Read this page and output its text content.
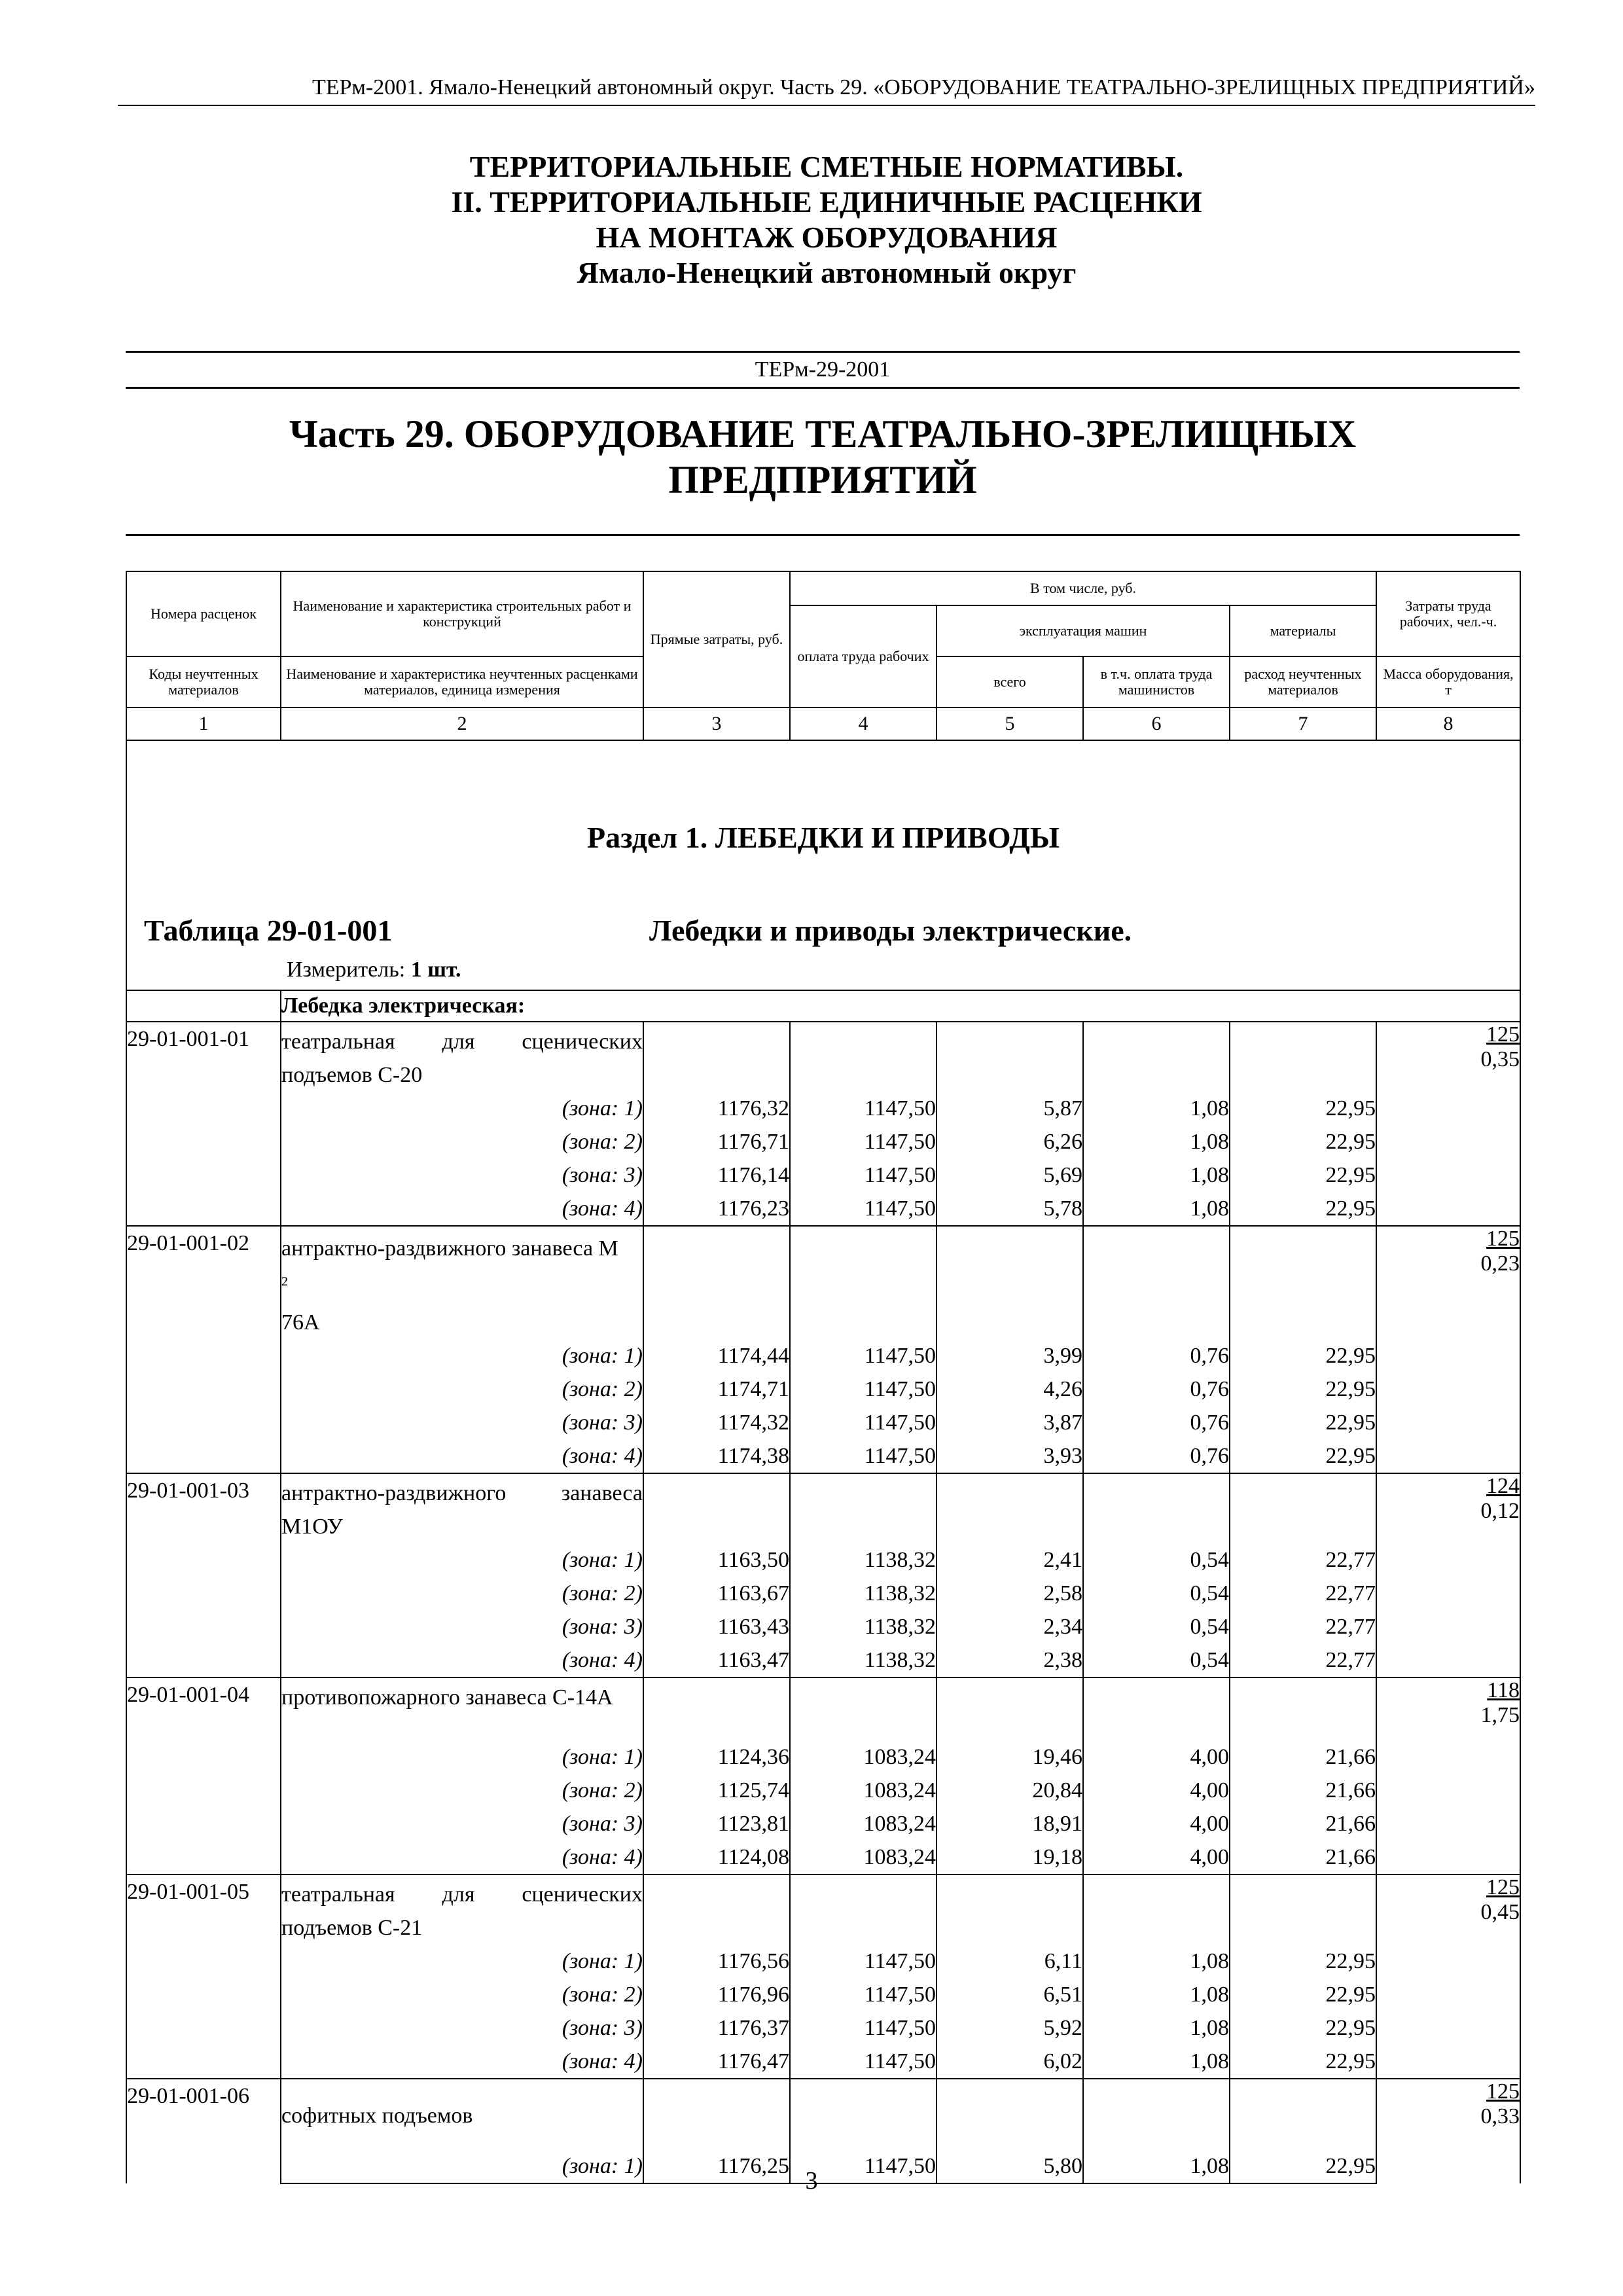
ТЕРм-2001. Ямало-Ненецкий автономный округ. Часть 29. «ОБОРУДОВАНИЕ ТЕАТРАЛЬНО-ЗРЕЛИЩНЫХ ПРЕДПРИЯТИЙ»
ТЕРРИТОРИАЛЬНЫЕ СМЕТНЫЕ НОРМАТИВЫ.
II. ТЕРРИТОРИАЛЬНЫЕ ЕДИНИЧНЫЕ РАСЦЕНКИ
НА МОНТАЖ ОБОРУДОВАНИЯ
Ямало-Ненецкий автономный округ
ТЕРм-29-2001
Часть 29. ОБОРУДОВАНИЕ ТЕАТРАЛЬНО-ЗРЕЛИЩНЫХ
ПРЕДПРИЯТИЙ
Номера расценок	Наименование и характеристика строительных работ и конструкций	Прямые затраты, руб.	В том числе, руб.				Затраты труда рабочих, чел.-ч.
			оплата труда рабочих	эксплуатация машин		материалы	
Коды неучтенных материалов	Наименование и характеристика неучтенных расценками материалов, единица измерения			всего	в т.ч. оплата труда машинистов	расход неучтенных материалов	Масса оборудования, т
1	2	3	4	5	6	7	8

Раздел 1. ЛЕБЕДКИ И ПРИВОДЫ
Таблица 29-01-001 Лебедки и приводы электрические.
Измеритель: 1 шт.							

	Лебедка электрическая:						
29-01-001-01	театральная для сценических подъемов С-20						$\frac{125}{0,35}$

	(зона: 1)	1176,32	1147,50	5,87	1,08	22,95	
	(зона: 2)	1176,71	1147,50	6,26	1,08	22,95	
	(зона: 3)	1176,14	1147,50	5,69	1,08	22,95	
	(зона: 4)	1176,23	1147,50	5,78	1,08	22,95	
29-01-001-02	антрактно-раздвижного занавеса М
$^2$
76А						$\frac{125}{0,23}$

	(зона: 1)	1174,44	1147,50	3,99	0,76	22,95	
	(зона: 2)	1174,71	1147,50	4,26	0,76	22,95	
	(зона: 3)	1174,32	1147,50	3,87	0,76	22,95	
	(зона: 4)	1174,38	1147,50	3,93	0,76	22,95	
29-01-001-03	антрактно-раздвижного занавеса М1ОУ						$\frac{124}{0,12}$

	(зона: 1)	1163,50	1138,32	2,41	0,54	22,77	
	(зона: 2)	1163,67	1138,32	2,58	0,54	22,77	
	(зона: 3)	1163,43	1138,32	2,34	0,54	22,77	
	(зона: 4)	1163,47	1138,32	2,38	0,54	22,77	
29-01-001-04	противопожарного занавеса С-14А						$\frac{118}{1,75}$

	(зона: 1)	1124,36	1083,24	19,46	4,00	21,66	
	(зона: 2)	1125,74	1083,24	20,84	4,00	21,66	
	(зона: 3)	1123,81	1083,24	18,91	4,00	21,66	
	(зона: 4)	1124,08	1083,24	19,18	4,00	21,66	
29-01-001-05	театральная для сценических подъемов С-21						$\frac{125}{0,45}$

	(зона: 1)	1176,56	1147,50	6,11	1,08	22,95	
	(зона: 2)	1176,96	1147,50	6,51	1,08	22,95	
	(зона: 3)	1176,37	1147,50	5,92	1,08	22,95	
	(зона: 4)	1176,47	1147,50	6,02	1,08	22,95	
29-01-001-06	софитных подъемов						$\frac{125}{0,33}$

	(зона: 1)	1176,25	1147,50	5,80	1,08	22,95	
3
